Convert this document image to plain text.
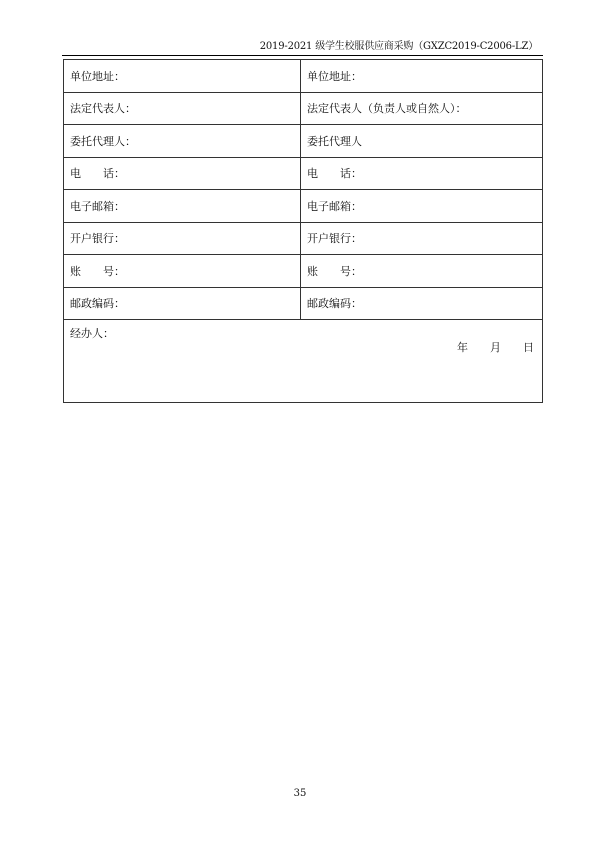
2019-2021 级学生校服供应商采购（GXZC2019-C2006-LZ）
单位地址：	单位地址：
法定代表人：	法定代表人（负责人或自然人）：
委托代理人：	委托代理人
电 话：	电 话：
电子邮箱：	电子邮箱：
开户银行：	开户银行：
账 号：	账 号：
邮政编码：	邮政编码：
经办人：
年 月 日	
35
